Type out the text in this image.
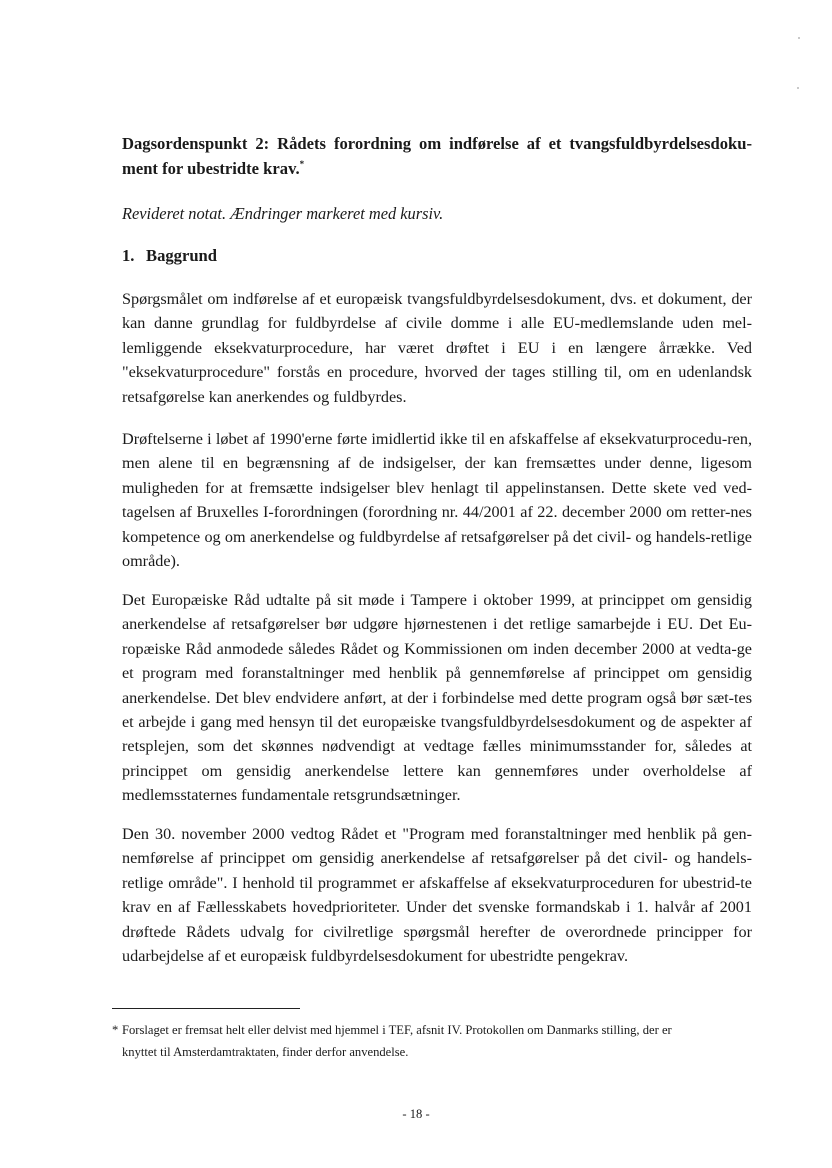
Dagsordenspunkt 2: Rådets forordning om indførelse af et tvangsfuldbyrdelsesdoku-ment for ubestridte krav.*

Revideret notat. Ændringer markeret med kursiv.

1. Baggrund

Spørgsmålet om indførelse af et europæisk tvangsfuldbyrdelsesdokument, dvs. et dokument, der kan danne grundlag for fuldbyrdelse af civile domme i alle EU-medlemslande uden mel-lemliggende eksekvaturprocedure, har været drøftet i EU i en længere årrække. Ved "eksekvaturprocedure" forstås en procedure, hvorved der tages stilling til, om en udenlandsk retsafgørelse kan anerkendes og fuldbyrdes.

Drøftelserne i løbet af 1990'erne førte imidlertid ikke til en afskaffelse af eksekvaturprocedu-ren, men alene til en begrænsning af de indsigelser, der kan fremsættes under denne, ligesom muligheden for at fremsætte indsigelser blev henlagt til appelinstansen. Dette skete ved ved-tagelsen af Bruxelles I-forordningen (forordning nr. 44/2001 af 22. december 2000 om retter-nes kompetence og om anerkendelse og fuldbyrdelse af retsafgørelser på det civil- og handels-retlige område).

Det Europæiske Råd udtalte på sit møde i Tampere i oktober 1999, at princippet om gensidig anerkendelse af retsafgørelser bør udgøre hjørnestenen i det retlige samarbejde i EU. Det Eu-ropæiske Råd anmodede således Rådet og Kommissionen om inden december 2000 at vedta-ge et program med foranstaltninger med henblik på gennemførelse af princippet om gensidig anerkendelse. Det blev endvidere anført, at der i forbindelse med dette program også bør sæt-tes et arbejde i gang med hensyn til det europæiske tvangsfuldbyrdelsesdokument og de aspekter af retsplejen, som det skønnes nødvendigt at vedtage fælles minimumsstander for, således at princippet om gensidig anerkendelse lettere kan gennemføres under overholdelse af medlemsstaternes fundamentale retsgrundsætninger.

Den 30. november 2000 vedtog Rådet et "Program med foranstaltninger med henblik på gen-nemførelse af princippet om gensidig anerkendelse af retsafgørelser på det civil- og handels-retlige område". I henhold til programmet er afskaffelse af eksekvaturproceduren for ubestrid-te krav en af Fællesskabets hovedprioriteter. Under det svenske formandskab i 1. halvår af 2001 drøftede Rådets udvalg for civilretlige spørgsmål herefter de overordnede principper for udarbejdelse af et europæisk fuldbyrdelsesdokument for ubestridte pengekrav.

* Forslaget er fremsat helt eller delvist med hjemmel i TEF, afsnit IV. Protokollen om Danmarks stilling, der er
knyttet til Amsterdamtraktaten, finder derfor anvendelse.

- 18 -
